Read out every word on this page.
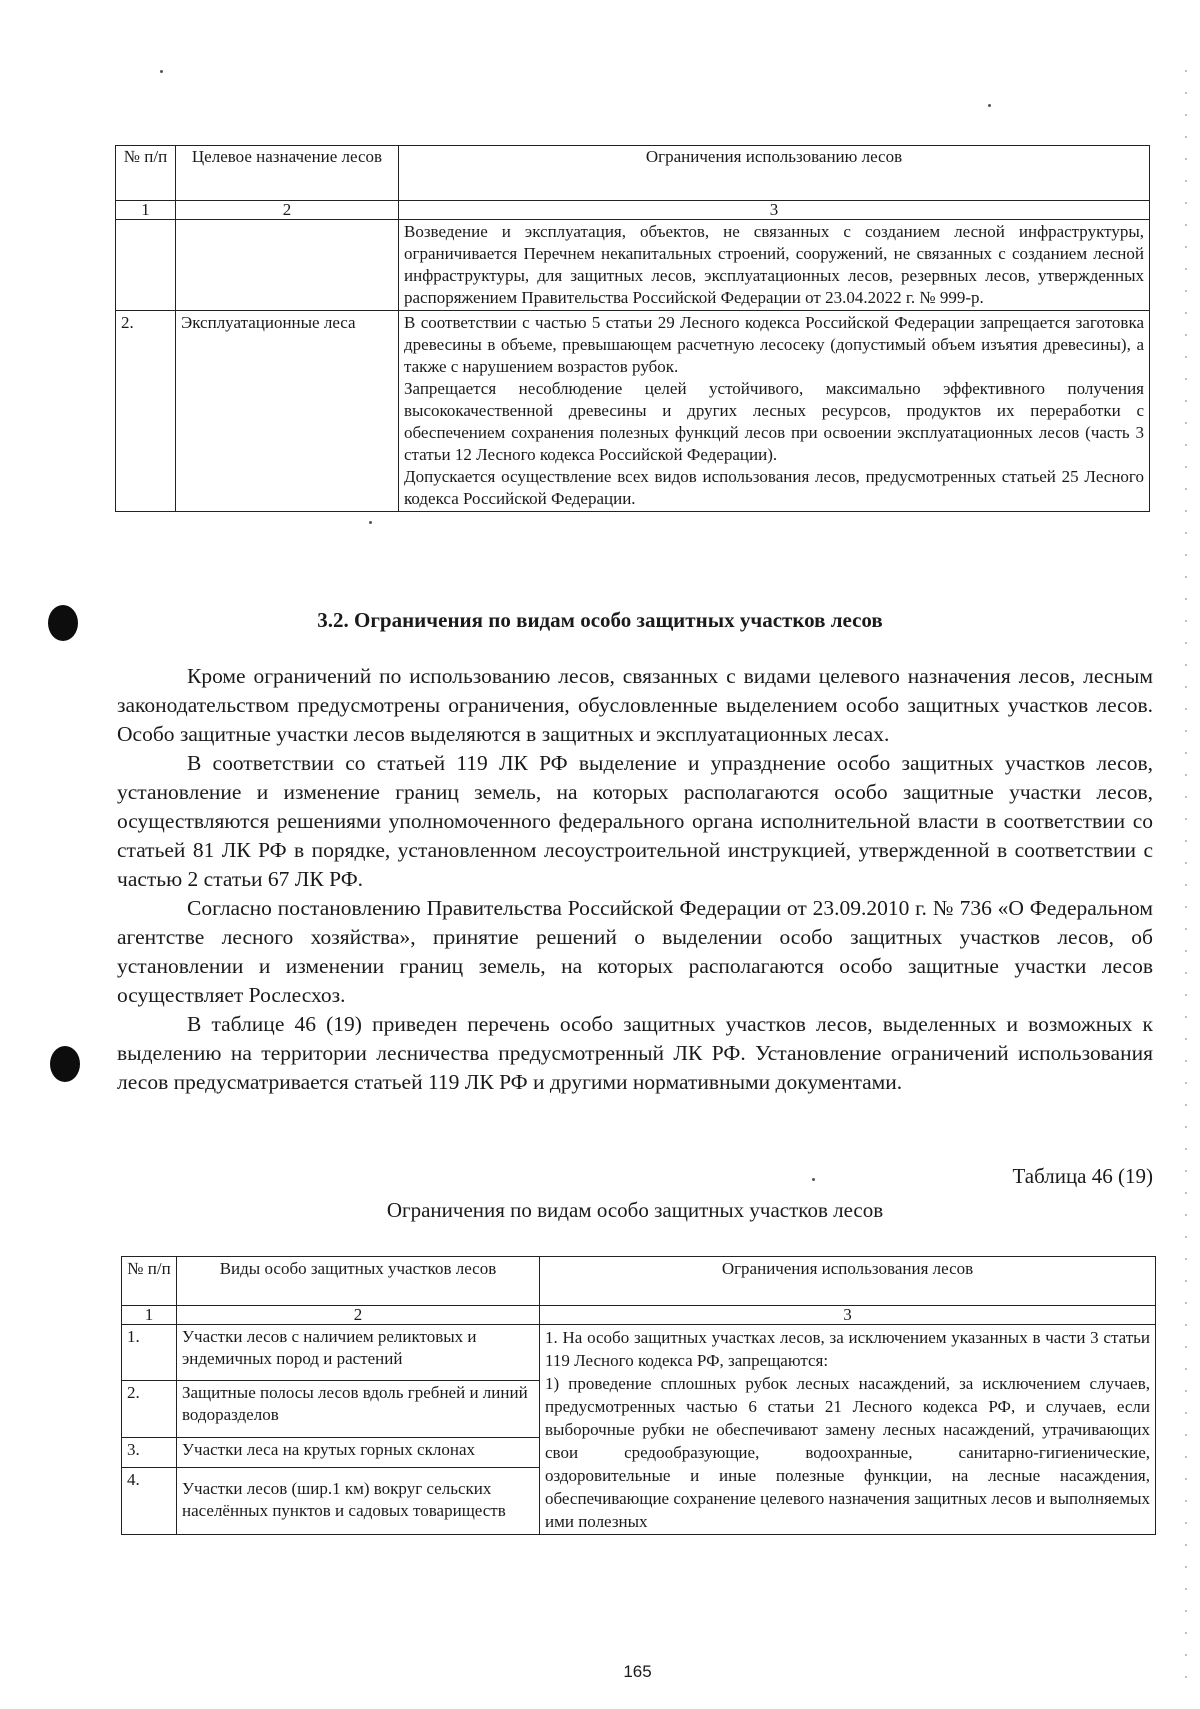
№ п/п	Целевое назначение лесов	Ограничения использованию лесов
1	2	3

		Возведение и эксплуатация, объектов, не связанных с созданием лесной инфраструктуры, ограничивается Перечнем некапитальных строений, сооружений, не связанных с созданием лесной инфраструктуры, для защитных лесов, эксплуатационных лесов, резервных лесов, утвержденных распоряжением Правительства Российской Федерации от 23.04.2022 г. № 999-р.

2.	Эксплуатационные леса	В соответствии с частью 5 статьи 29 Лесного кодекса Российской Федерации запрещается заготовка древесины в объеме, превышающем расчетную лесосеку (допустимый объем изъятия древесины), а также с нарушением возрастов рубок.
Запрещается несоблюдение целей устойчивого, максимально эффективного получения высококачественной древесины и других лесных ресурсов, продуктов их переработки с обеспечением сохранения полезных функций лесов при освоении эксплуатационных лесов (часть 3 статьи 12 Лесного кодекса Российской Федерации).
Допускается осуществление всех видов использования лесов, предусмотренных статьей 25 Лесного кодекса Российской Федерации.
3.2. Ограничения по видам особо защитных участков лесов

Кроме ограничений по использованию лесов, связанных с видами целевого назначения лесов, лесным законодательством предусмотрены ограничения, обусловленные выделением особо защитных участков лесов. Особо защитные участки лесов выделяются в защитных и эксплуатационных лесах.

В соответствии со статьей 119 ЛК РФ выделение и упразднение особо защитных участков лесов, установление и изменение границ земель, на которых располагаются особо защитные участки лесов, осуществляются решениями уполномоченного федерального органа исполнительной власти в соответствии со статьей 81 ЛК РФ в порядке, установленном лесоустроительной инструкцией, утвержденной в соответствии с частью 2 статьи 67 ЛК РФ.

Согласно постановлению Правительства Российской Федерации от 23.09.2010 г. № 736 «О Федеральном агентстве лесного хозяйства», принятие решений о выделении особо защитных участков лесов, об установлении и изменении границ земель, на которых располагаются особо защитные участки лесов осуществляет Рослесхоз.

В таблице 46 (19) приведен перечень особо защитных участков лесов, выделенных и возможных к выделению на территории лесничества предусмотренный ЛК РФ. Установление ограничений использования лесов предусматривается статьей 119 ЛК РФ и другими нормативными документами.

Таблица 46 (19)
Ограничения по видам особо защитных участков лесов
№ п/п	Виды особо защитных участков лесов	Ограничения использования лесов
1	2	3
1.	Участки лесов с наличием реликтовых и эндемичных пород и растений	1. На особо защитных участках лесов, за исключением указанных в части 3 статьи 119 Лесного кодекса РФ, запрещаются:
1) проведение сплошных рубок лесных насаждений, за исключением случаев, предусмотренных частью 6 статьи 21 Лесного кодекса РФ, и случаев, если выборочные рубки не обеспечивают замену лесных насаждений, утрачивающих свои средообразующие, водоохранные, санитарно-гигиенические, оздоровительные и иные полезные функции, на лесные насаждения, обеспечивающие сохранение целевого назначения защитных лесов и выполняемых ими полезных

2.	Защитные полосы лесов вдоль гребней и линий водоразделов	
3.	Участки леса на крутых горных склонах	
4.	Участки лесов (шир.1 км) вокруг сельских населённых пунктов и садовых товариществ	
165
